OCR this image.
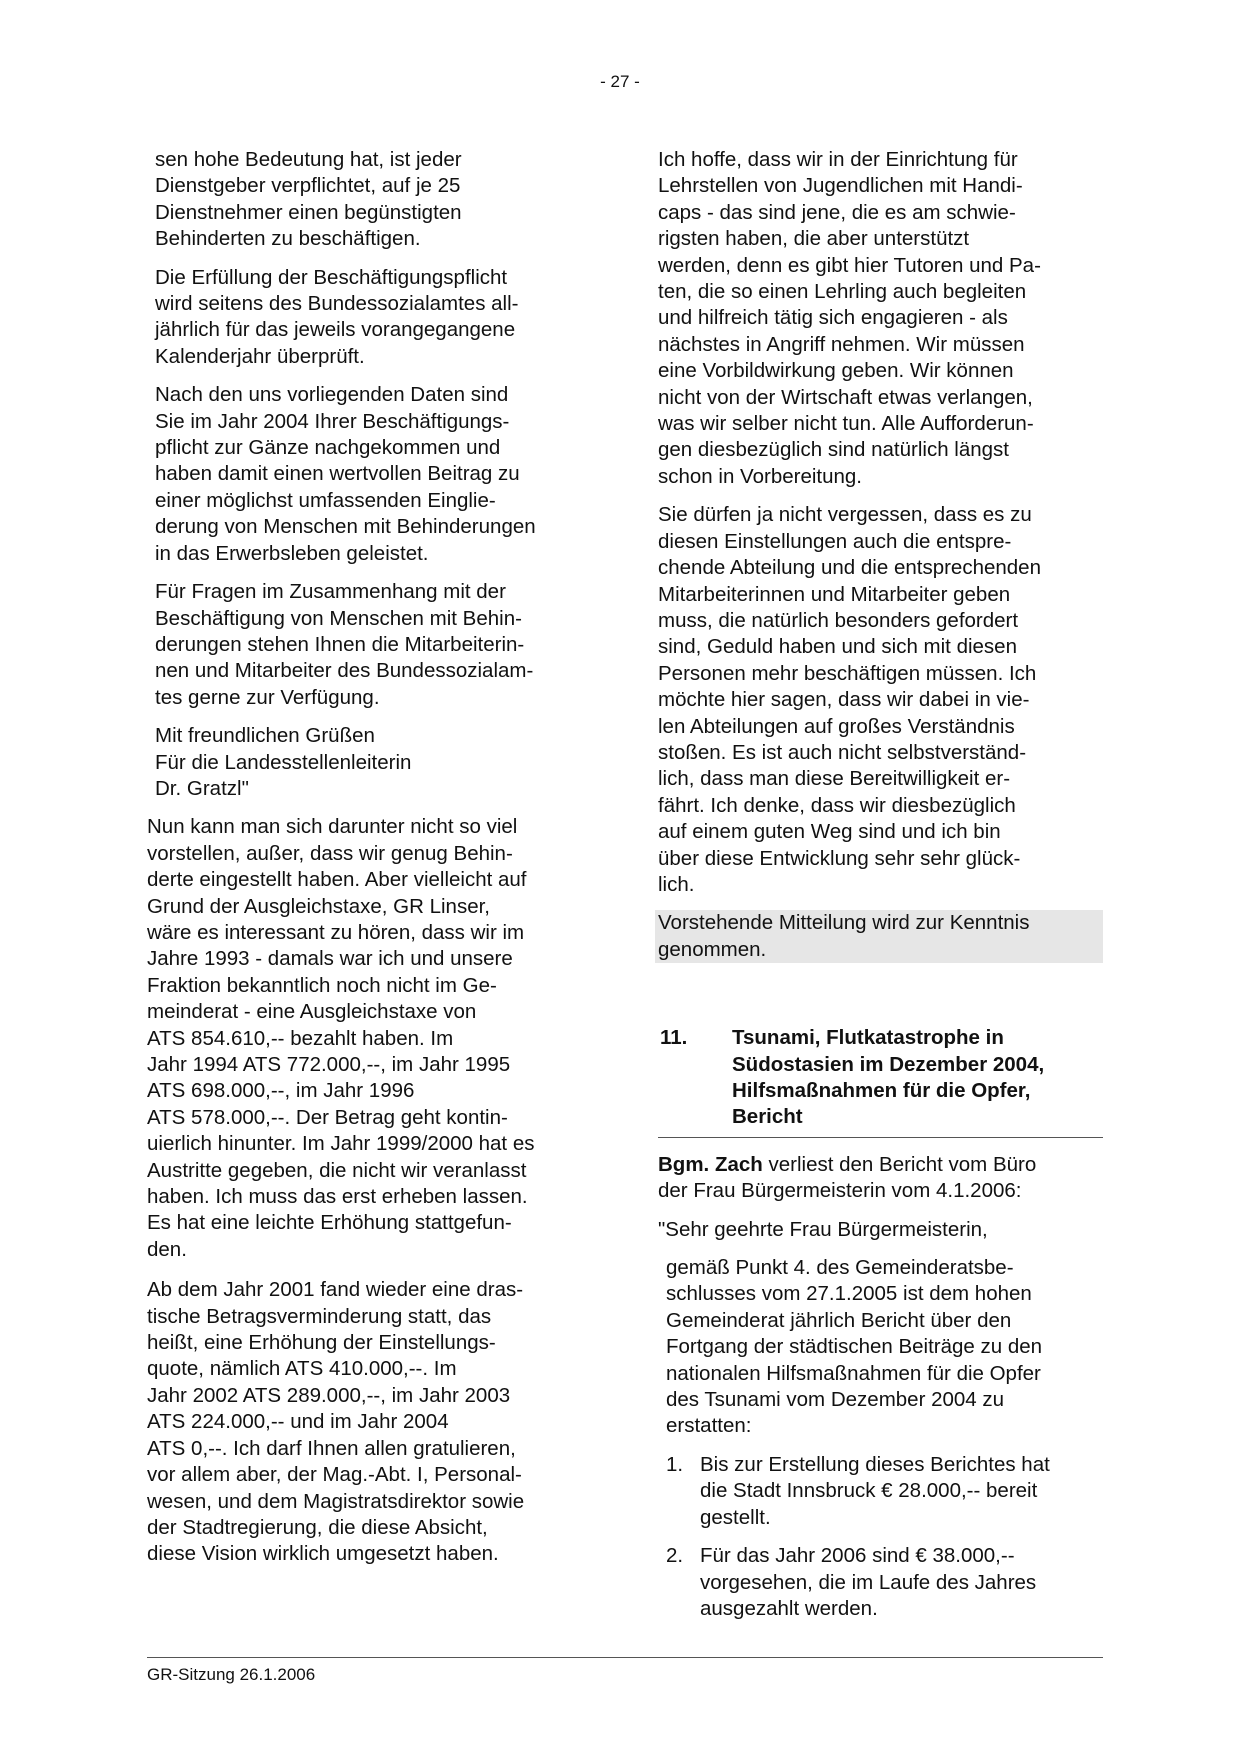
- 27 -
sen hohe Bedeutung hat, ist jeder
Dienstgeber verpflichtet, auf je 25
Dienstnehmer einen begünstigten
Behinderten zu beschäftigen.
Die Erfüllung der Beschäftigungspflicht
wird seitens des Bundessozialamtes all-
jährlich für das jeweils vorangegangene
Kalenderjahr überprüft.
Nach den uns vorliegenden Daten sind
Sie im Jahr 2004 Ihrer Beschäftigungs-
pflicht zur Gänze nachgekommen und
haben damit einen wertvollen Beitrag zu
einer möglichst umfassenden Einglie-
derung von Menschen mit Behinderungen
in das Erwerbsleben geleistet.
Für Fragen im Zusammenhang mit der
Beschäftigung von Menschen mit Behin-
derungen stehen Ihnen die Mitarbeiterin-
nen und Mitarbeiter des Bundessozialam-
tes gerne zur Verfügung.
Mit freundlichen Grüßen
Für die Landesstellenleiterin
Dr. Gratzl"
Nun kann man sich darunter nicht so viel
vorstellen, außer, dass wir genug Behin-
derte eingestellt haben. Aber vielleicht auf
Grund der Ausgleichstaxe, GR Linser,
wäre es interessant zu hören, dass wir im
Jahre 1993 - damals war ich und unsere
Fraktion bekanntlich noch nicht im Ge-
meinderat - eine Ausgleichstaxe von
ATS 854.610,-- bezahlt haben. Im
Jahr 1994 ATS 772.000,--, im Jahr 1995
ATS 698.000,--, im Jahr 1996
ATS 578.000,--. Der Betrag geht kontin-
uierlich hinunter. Im Jahr 1999/2000 hat es
Austritte gegeben, die nicht wir veranlasst
haben. Ich muss das erst erheben lassen.
Es hat eine leichte Erhöhung stattgefun-
den.
Ab dem Jahr 2001 fand wieder eine dras-
tische Betragsverminderung statt, das
heißt, eine Erhöhung der Einstellungs-
quote, nämlich ATS 410.000,--. Im
Jahr 2002 ATS 289.000,--, im Jahr 2003
ATS 224.000,-- und im Jahr 2004
ATS 0,--. Ich darf Ihnen allen gratulieren,
vor allem aber, der Mag.-Abt. I, Personal-
wesen, und dem Magistratsdirektor sowie
der Stadtregierung, die diese Absicht,
diese Vision wirklich umgesetzt haben.
Ich hoffe, dass wir in der Einrichtung für
Lehrstellen von Jugendlichen mit Handi-
caps - das sind jene, die es am schwie-
rigsten haben, die aber unterstützt
werden, denn es gibt hier Tutoren und Pa-
ten, die so einen Lehrling auch begleiten
und hilfreich tätig sich engagieren - als
nächstes in Angriff nehmen. Wir müssen
eine Vorbildwirkung geben. Wir können
nicht von der Wirtschaft etwas verlangen,
was wir selber nicht tun. Alle Aufforderun-
gen diesbezüglich sind natürlich längst
schon in Vorbereitung.
Sie dürfen ja nicht vergessen, dass es zu
diesen Einstellungen auch die entspre-
chende Abteilung und die entsprechenden
Mitarbeiterinnen und Mitarbeiter geben
muss, die natürlich besonders gefordert
sind, Geduld haben und sich mit diesen
Personen mehr beschäftigen müssen. Ich
möchte hier sagen, dass wir dabei in vie-
len Abteilungen auf großes Verständnis
stoßen. Es ist auch nicht selbstverständ-
lich, dass man diese Bereitwilligkeit er-
fährt. Ich denke, dass wir diesbezüglich
auf einem guten Weg sind und ich bin
über diese Entwicklung sehr sehr glück-
lich.
Vorstehende Mitteilung wird zur Kenntnis
genommen.
11. Tsunami, Flutkatastrophe in
Südostasien im Dezember 2004,
Hilfsmaßnahmen für die Opfer,
Bericht
Bgm. Zach verliest den Bericht vom Büro
der Frau Bürgermeisterin vom 4.1.2006:
"Sehr geehrte Frau Bürgermeisterin,
gemäß Punkt 4. des Gemeinderatsbe-
schlusses vom 27.1.2005 ist dem hohen
Gemeinderat jährlich Bericht über den
Fortgang der städtischen Beiträge zu den
nationalen Hilfsmaßnahmen für die Opfer
des Tsunami vom Dezember 2004 zu
erstatten:
1. Bis zur Erstellung dieses Berichtes hat
die Stadt Innsbruck € 28.000,-- bereit
gestellt.
2. Für das Jahr 2006 sind € 38.000,--
vorgesehen, die im Laufe des Jahres
ausgezahlt werden.
GR-Sitzung 26.1.2006
